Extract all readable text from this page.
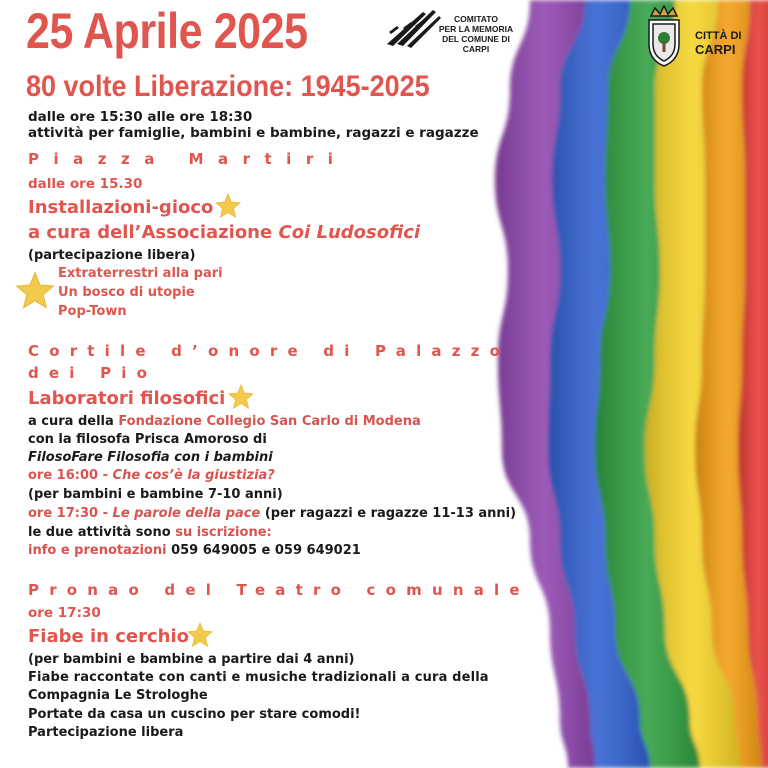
COMITATO
PER LA MEMORIA
DEL COMUNE DI CARPI
CITTÀ DI
CARPI
25 Aprile 2025
80 volte Liberazione: 1945-2025
dalle ore 15:30 alle ore 18:30
attività per famiglie, bambini e bambine, ragazzi e ragazze
Piazza Martiri
dalle ore 15.30
Installazioni-gioco
a cura dell’Associazione Coi Ludosofici
(partecipazione libera)
Extraterrestri alla pari
Un bosco di utopie
Pop-Town
Cortile d’onore di Palazzo
dei Pio
Laboratori filosofici
a cura della Fondazione Collegio San Carlo di Modena
con la filosofa Prisca Amoroso di
FilosoFare Filosofia con i bambini
ore 16:00 - Che cos’è la giustizia?
(per bambini e bambine 7-10 anni)
ore 17:30 - Le parole della pace (per ragazzi e ragazze 11-13 anni)
le due attività sono su iscrizione:
info e prenotazioni 059 649005 e 059 649021
Pronao del Teatro comunale
ore 17:30
Fiabe in cerchio
(per bambini e bambine a partire dai 4 anni)
Fiabe raccontate con canti e musiche tradizionali a cura della
Compagnia Le Strologhe
Portate da casa un cuscino per stare comodi!
Partecipazione libera
